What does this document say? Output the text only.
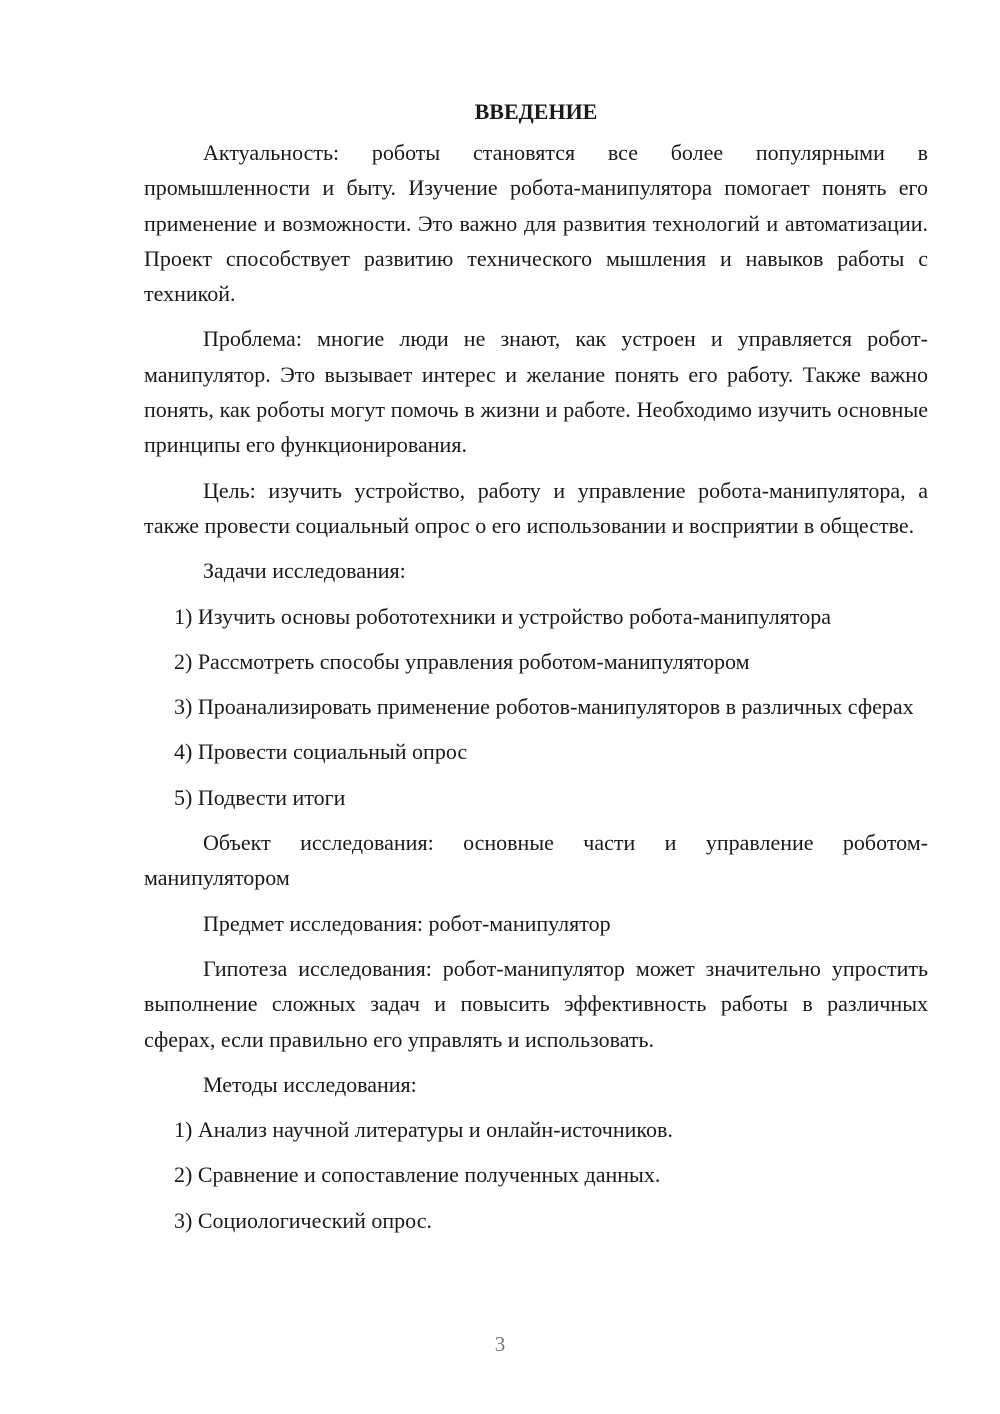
ВВЕДЕНИЕ

Актуальность: роботы становятся все более популярными в промышленности и быту. Изучение робота-манипулятора помогает понять его применение и возможности. Это важно для развития технологий и автоматизации. Проект способствует развитию технического мышления и навыков работы с техникой.

Проблема: многие люди не знают, как устроен и управляется робот-манипулятор. Это вызывает интерес и желание понять его работу. Также важно понять, как роботы могут помочь в жизни и работе. Необходимо изучить основные принципы его функционирования.

Цель: изучить устройство, работу и управление робота-манипулятора, а также провести социальный опрос о его использовании и восприятии в обществе.

Задачи исследования:

1) Изучить основы робототехники и устройство робота-манипулятора

2) Рассмотреть способы управления роботом-манипулятором

3) Проанализировать применение роботов-манипуляторов в различных сферах

4) Провести социальный опрос

5) Подвести итоги

Объект исследования: основные части и управление роботом-манипулятором

Предмет исследования: робот-манипулятор

Гипотеза исследования: робот-манипулятор может значительно упростить выполнение сложных задач и повысить эффективность работы в различных сферах, если правильно его управлять и использовать.

Методы исследования:

1) Анализ научной литературы и онлайн-источников.

2) Сравнение и сопоставление полученных данных.

3) Социологический опрос.

3
